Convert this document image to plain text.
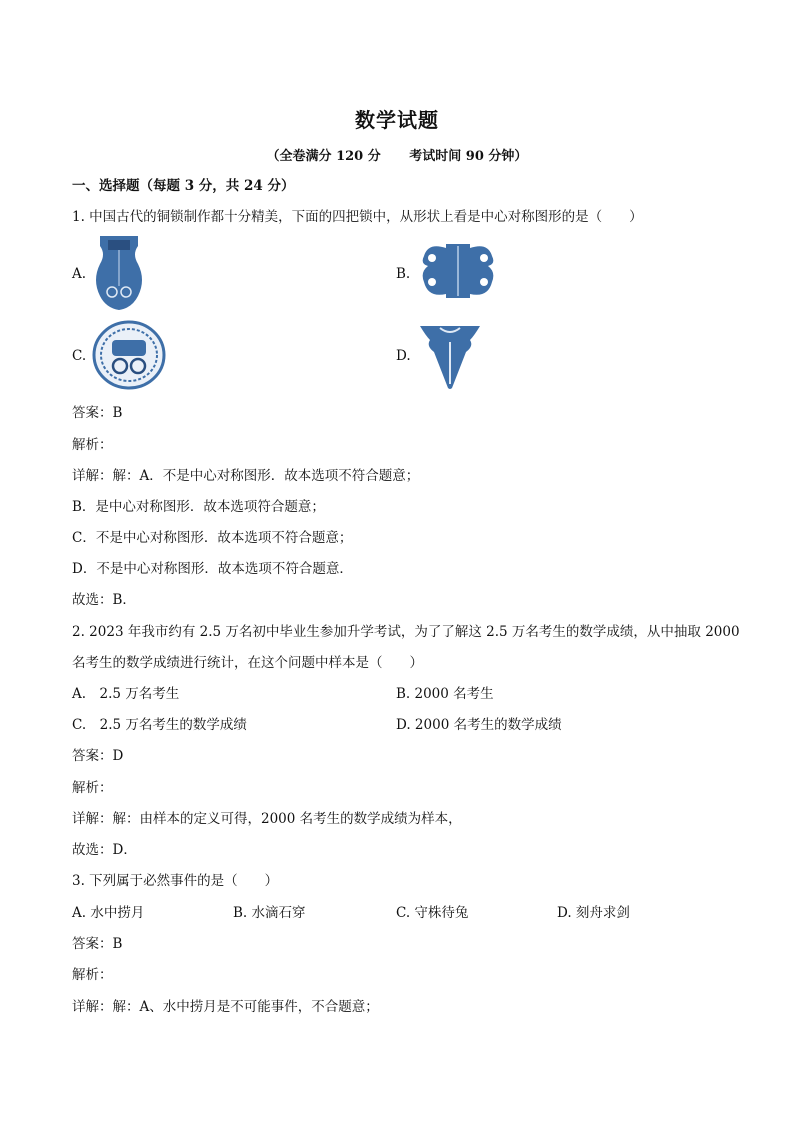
数学试题
（全卷满分 120 分 考试时间 90 分钟）
一、选择题（每题 3 分，共 24 分）
1. 中国古代的铜锁制作都十分精美，下面的四把锁中，从形状上看是中心对称图形的是（　　）
A.	B.
C.	D.
答案：B
解析：
详解：解：A．不是中心对称图形．故本选项不符合题意；
B．是中心对称图形．故本选项符合题意；
C．不是中心对称图形．故本选项不符合题意；
D．不是中心对称图形．故本选项不符合题意．
故选：B．
2. 2023 年我市约有 2.5 万名初中毕业生参加升学考试，为了了解这 2.5 万名考生的数学成绩，从中抽取 2000
名考生的数学成绩进行统计，在这个问题中样本是（　　）
A.　2.5 万名考生	B. 2000 名考生
C.　2.5 万名考生的数学成绩	D. 2000 名考生的数学成绩
答案：D
解析：
详解：解：由样本的定义可得，2000 名考生的数学成绩为样本，
故选：D．
3. 下列属于必然事件的是（　　）
A. 水中捞月	B. 水滴石穿	C. 守株待兔	D. 刻舟求剑
答案：B
解析：
详解：解：A、水中捞月是不可能事件，不合题意；
